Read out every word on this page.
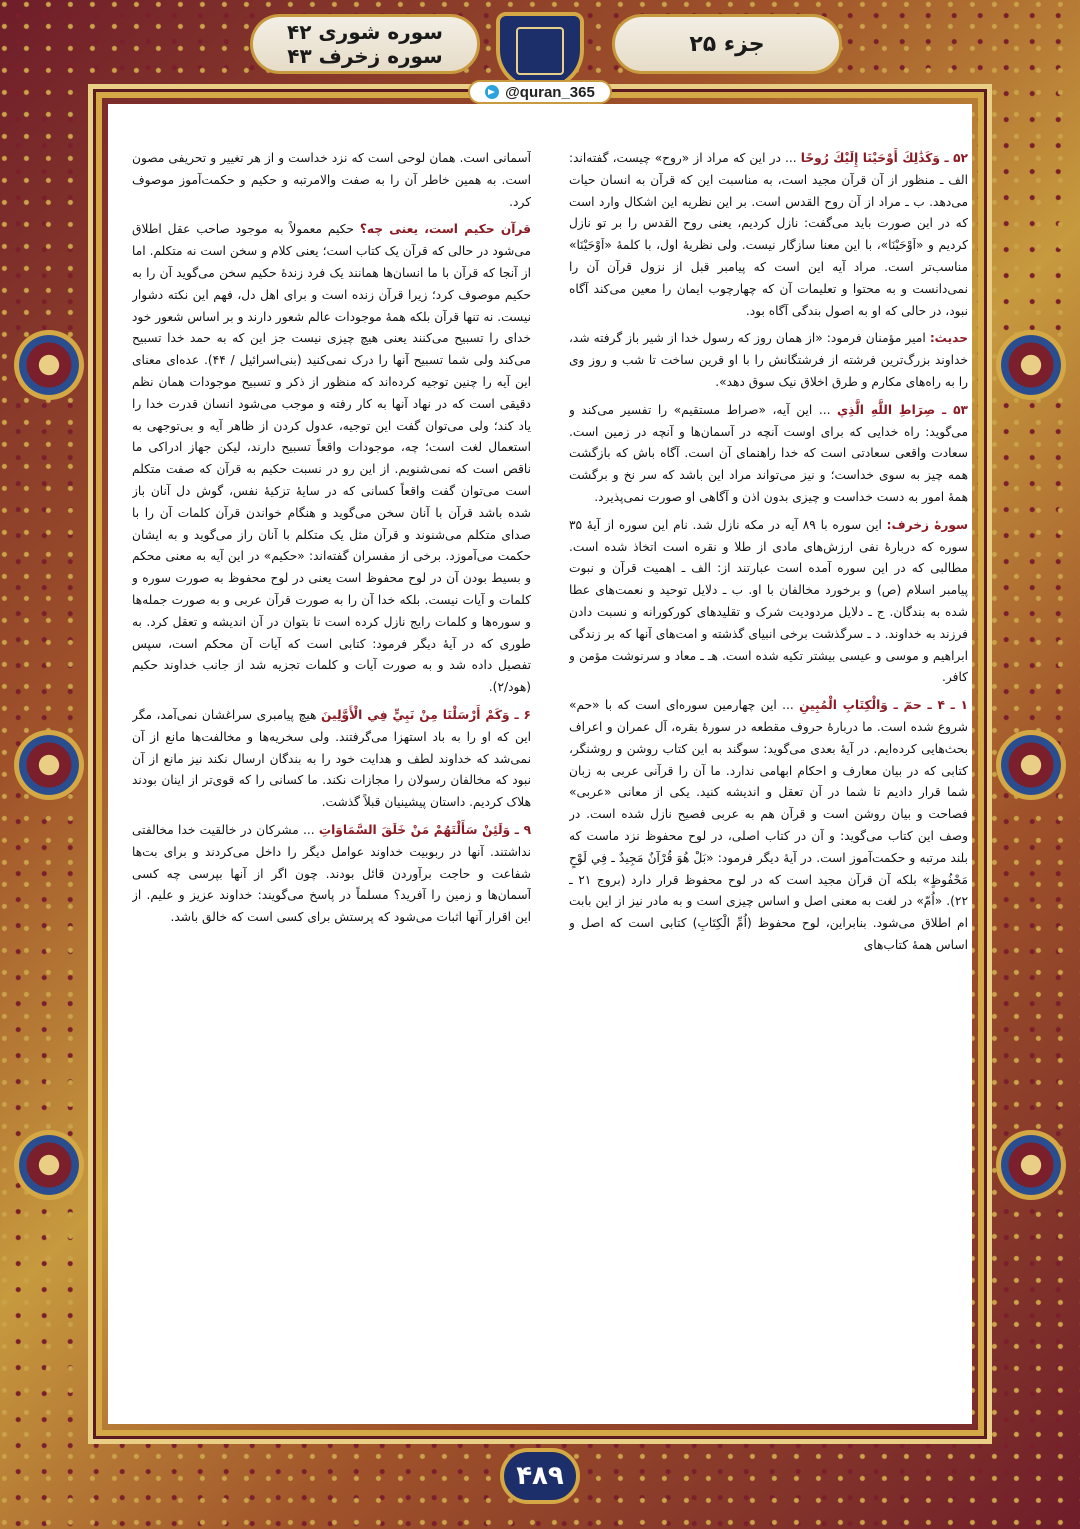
سوره شوری ۴۲
سوره زخرف ۴۳	جزء ۲۵
@quran_365

۵۲ ـ وَكَذَٰلِكَ أَوْحَيْنَا إِلَيْكَ رُوحًا ... در این که مراد از «روح» چیست، گفته‌اند: الف ـ منظور از آن قرآن مجید است، به مناسبت این که قرآن به انسان حیات می‌دهد. ب ـ مراد از آن روح القدس است. بر این نظریه این اشکال وارد است که در این صورت باید می‌گفت: نازل کردیم، یعنی روح القدس را بر تو نازل کردیم و «اَوْحَيْنَا»، با این معنا سازگار نیست. ولی نظریهٔ اول، با کلمهٔ «اَوْحَيْنَا» مناسب‌تر است. مراد آیه این است که پیامبر قبل از نزول قرآن آن را نمی‌دانست و به محتوا و تعلیمات آن که چهارچوب ایمان را معین می‌کند آگاه نبود، در حالی که او به اصول بندگی آگاه بود.

حدیث: امیر مؤمنان فرمود: «از همان روز که رسول خدا از شیر باز گرفته شد، خداوند بزرگ‌ترین فرشته از فرشتگانش را با او قرین ساخت تا شب و روز وی را به راه‌های مکارم و طرق اخلاق نیک سوق دهد».

۵۳ ـ صِرَاطِ اللَّهِ الَّذِي ... این آیه، «صراط مستقیم» را تفسیر می‌کند و می‌گوید: راه خدایی که برای اوست آنچه در آسمان‌ها و آنچه در زمین است. سعادت واقعی سعادتی است که خدا راهنمای آن است. آگاه باش که بازگشت همه چیز به سوی خداست؛ و نیز می‌تواند مراد این باشد که سر نخ و برگشت همهٔ امور به دست خداست و چیزی بدون اذن و آگاهی او صورت نمی‌پذیرد.

سورهٔ زخرف: این سوره با ۸۹ آیه در مکه نازل شد. نام این سوره از آیهٔ ۳۵ سوره که دربارهٔ نفی ارزش‌های مادی از طلا و نقره است اتخاذ شده است. مطالبی که در این سوره آمده است عبارتند از: الف ـ اهمیت قرآن و نبوت پیامبر اسلام (ص) و برخورد مخالفان با او. ب ـ دلایل توحید و نعمت‌های عطا شده به بندگان. ج ـ دلایل مردودیت شرک و تقلیدهای کورکورانه و نسبت دادن فرزند به خداوند. د ـ سرگذشت برخی انبیای گذشته و امت‌های آنها که بر زندگی ابراهیم و موسی و عیسی بیشتر تکیه شده است. هـ ـ معاد و سرنوشت مؤمن و کافر.

۱ ـ ۴ ـ حمٓ ـ وَالْكِتَابِ الْمُبِينِ ... این چهارمین سوره‌ای است که با «حم» شروع شده است. ما دربارهٔ حروف مقطعه در سورهٔ بقره، آل عمران و اعراف بحث‌هایی کرده‌ایم. در آیهٔ بعدی می‌گوید: سوگند به این کتاب روشن و روشنگر، کتابی که در بیان معارف و احکام ابهامی ندارد. ما آن را قرآنی عربی به زبان شما قرار دادیم تا شما در آن تعقل و اندیشه کنید. یکی از معانی «عربی» فصاحت و بیان روشن است و قرآن هم به عربی فصیح نازل شده است. در وصف این کتاب می‌گوید: و آن در کتاب اصلی، در لوح محفوظ نزد ماست که بلند مرتبه و حکمت‌آموز است. در آیهٔ دیگر فرمود: «بَلْ هُوَ قُرْآنٌ مَجِيدٌ ـ فِي لَوْحٍ مَحْفُوظٍ» بلکه آن قرآن مجید است که در لوح محفوظ قرار دارد (بروج ۲۱ ـ ۲۲). «اُمّ» در لغت به معنی اصل و اساس چیزی است و به مادر نیز از این بابت ام اطلاق می‌شود. بنابراین، لوح محفوظ (اُمِّ الْكِتَابِ) کتابی است که اصل و اساس همهٔ کتاب‌های

آسمانی است. همان لوحی است که نزد خداست و از هر تغییر و تحریفی مصون است. به همین خاطر آن را به صفت والامرتبه و حکیم و حکمت‌آموز موصوف کرد.

قرآن حکیم است، یعنی چه؟ حکیم معمولاً به موجود صاحب عقل اطلاق می‌شود در حالی که قرآن یک کتاب است؛ یعنی کلام و سخن است نه متکلم. اما از آنجا که قرآن با ما انسان‌ها همانند یک فرد زندهٔ حکیم سخن می‌گوید آن را به حکیم موصوف کرد؛ زیرا قرآن زنده است و برای اهل دل، فهم این نکته دشوار نیست. نه تنها قرآن بلکه همهٔ موجودات عالم شعور دارند و بر اساس شعور خود خدای را تسبیح می‌کنند یعنی هیچ چیزی نیست جز این که به حمد خدا تسبیح می‌کند ولی شما تسبیح آنها را درک نمی‌کنید (بنی‌اسرائیل / ۴۴). عده‌ای معنای این آیه را چنین توجیه کرده‌اند که منظور از ذکر و تسبیح موجودات همان نظم دقیقی است که در نهاد آنها به کار رفته و موجب می‌شود انسان قدرت خدا را یاد کند؛ ولی می‌توان گفت این توجیه، عدول کردن از ظاهر آیه و بی‌توجهی به استعمال لغت است؛ چه، موجودات واقعاً تسبیح دارند، لیکن جهاز ادراکی ما ناقص است که نمی‌شنویم. از این رو در نسبت حکیم به قرآن که صفت متکلم است می‌توان گفت واقعاً کسانی که در سایهٔ تزکیهٔ نفس، گوش دل آنان باز شده باشد قرآن با آنان سخن می‌گوید و هنگام خواندن قرآن کلمات آن را با صدای متکلم می‌شنوند و قرآن مثل یک متکلم با آنان راز می‌گوید و به ایشان حکمت می‌آموزد. برخی از مفسران گفته‌اند: «حکیم» در این آیه به معنی محکم و بسیط بودن آن در لوح محفوظ است یعنی در لوح محفوظ به صورت سوره و کلمات و آیات نیست. بلکه خدا آن را به صورت قرآن عربی و به صورت جمله‌ها و سوره‌ها و کلمات رایج نازل کرده است تا بتوان در آن اندیشه و تعقل کرد. به طوری که در آیهٔ دیگر فرمود: کتابی است که آیات آن محکم است، سپس تفصیل داده شد و به صورت آیات و کلمات تجزیه شد از جانب خداوند حکیم (هود/۲).

۶ ـ وَكَمْ أَرْسَلْنَا مِنْ نَبِيٍّ فِي الْأَوَّلِينَ هیچ پیامبری سراغشان نمی‌آمد، مگر این که او را به باد استهزا می‌گرفتند. ولی سخریه‌ها و مخالفت‌ها مانع از آن نمی‌شد که خداوند لطف و هدایت خود را به بندگان ارسال نکند نیز مانع از آن نبود که مخالفان رسولان را مجازات نکند. ما کسانی را که قوی‌تر از اینان بودند هلاک کردیم. داستان پیشینیان قبلاً گذشت.

۹ ـ وَلَئِنْ سَأَلْتَهُمْ مَنْ خَلَقَ السَّمَاوَاتِ ... مشرکان در خالقیت خدا مخالفتی نداشتند. آنها در ربوبیت خداوند عوامل دیگر را داخل می‌کردند و برای بت‌ها شفاعت و حاجت برآوردن قائل بودند. چون اگر از آنها بپرسی چه کسی آسمان‌ها و زمین را آفرید؟ مسلماً در پاسخ می‌گویند: خداوند عزیز و علیم. از این اقرار آنها اثبات می‌شود که پرستش برای کسی است که خالق باشد.

۴۸۹
